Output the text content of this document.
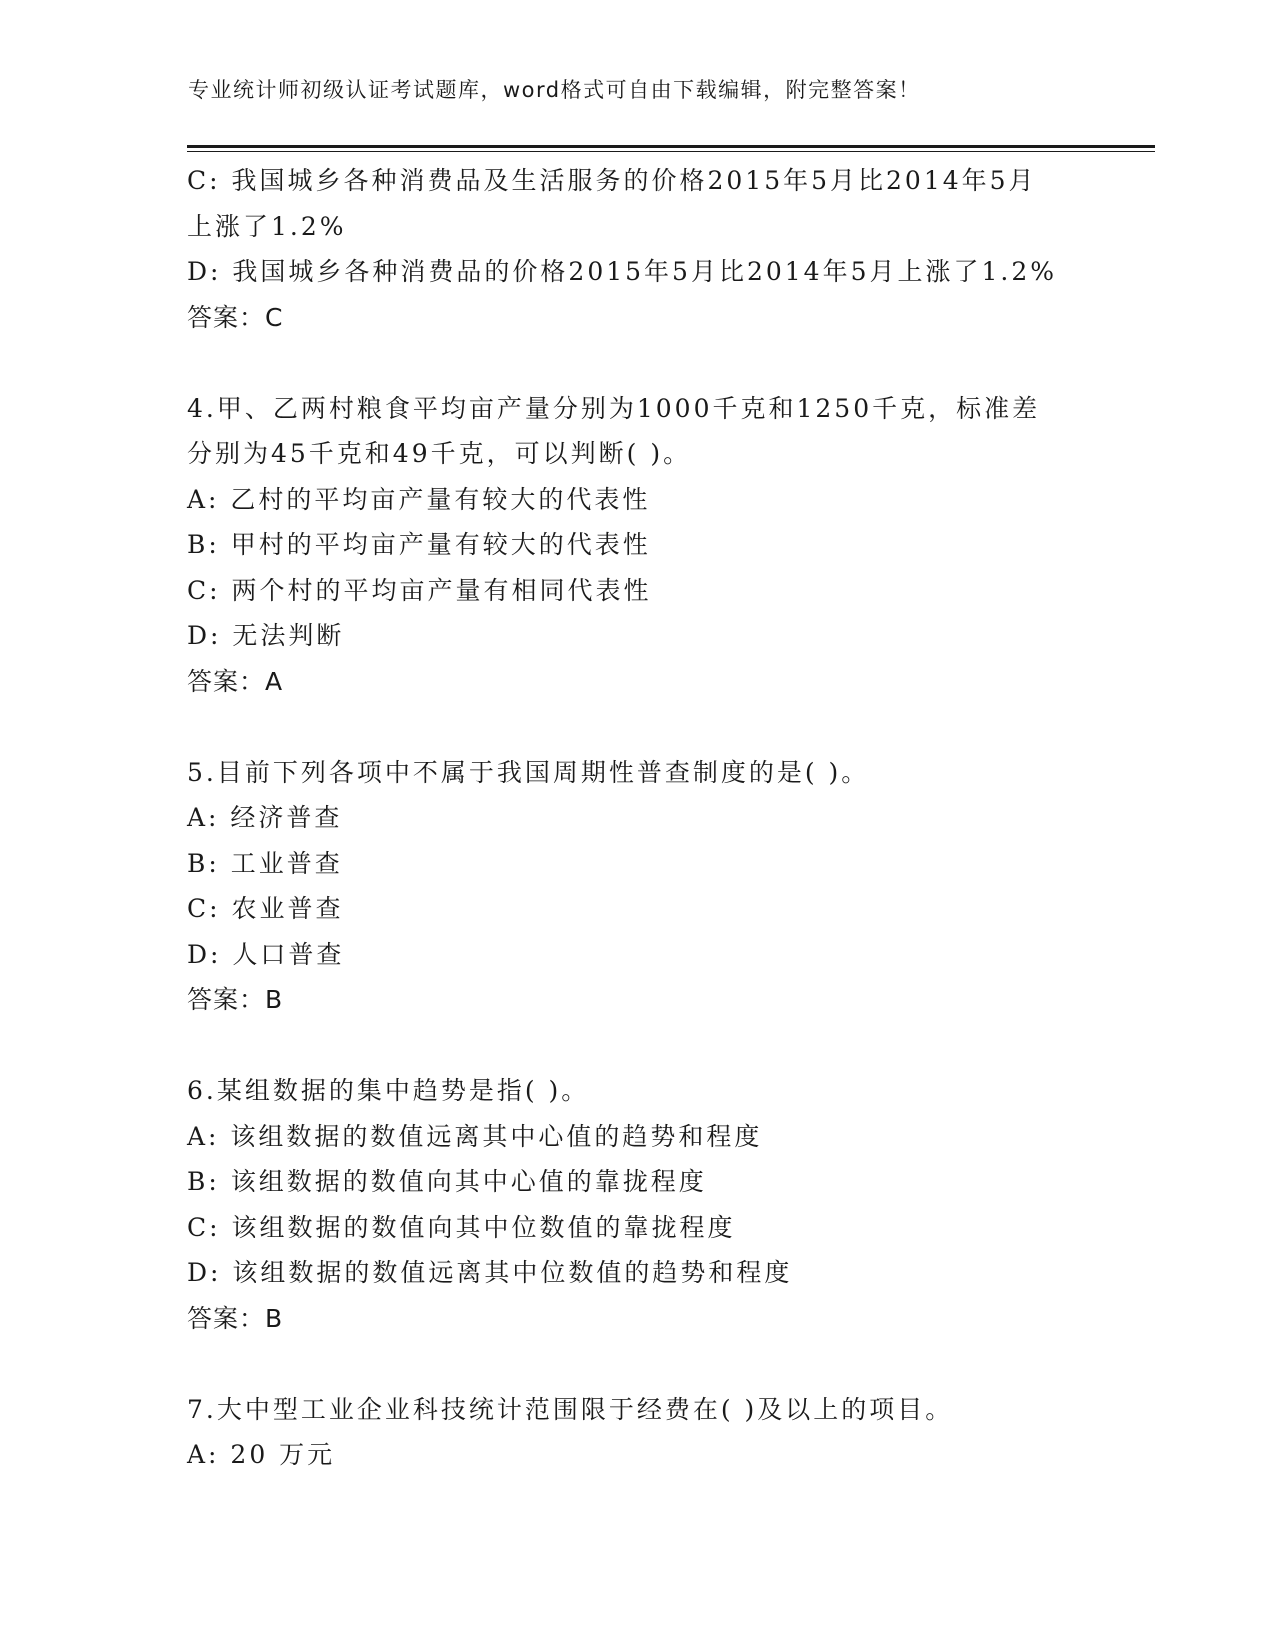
专业统计师初级认证考试题库，word格式可自由下载编辑，附完整答案！
C: 我国城乡各种消费品及生活服务的价格2015年5月比2014年5月
上涨了1.2%
D: 我国城乡各种消费品的价格2015年5月比2014年5月上涨了1.2%
答案：C
4.甲、乙两村粮食平均亩产量分别为1000千克和1250千克，标准差
分别为45千克和49千克，可以判断( )。
A: 乙村的平均亩产量有较大的代表性
B: 甲村的平均亩产量有较大的代表性
C: 两个村的平均亩产量有相同代表性
D: 无法判断
答案：A
5.目前下列各项中不属于我国周期性普查制度的是( )。
A: 经济普查
B: 工业普查
C: 农业普查
D: 人口普查
答案：B
6.某组数据的集中趋势是指( )。
A: 该组数据的数值远离其中心值的趋势和程度
B: 该组数据的数值向其中心值的靠拢程度
C: 该组数据的数值向其中位数值的靠拢程度
D: 该组数据的数值远离其中位数值的趋势和程度
答案：B
7.大中型工业企业科技统计范围限于经费在( )及以上的项目。
A: 20 万元
